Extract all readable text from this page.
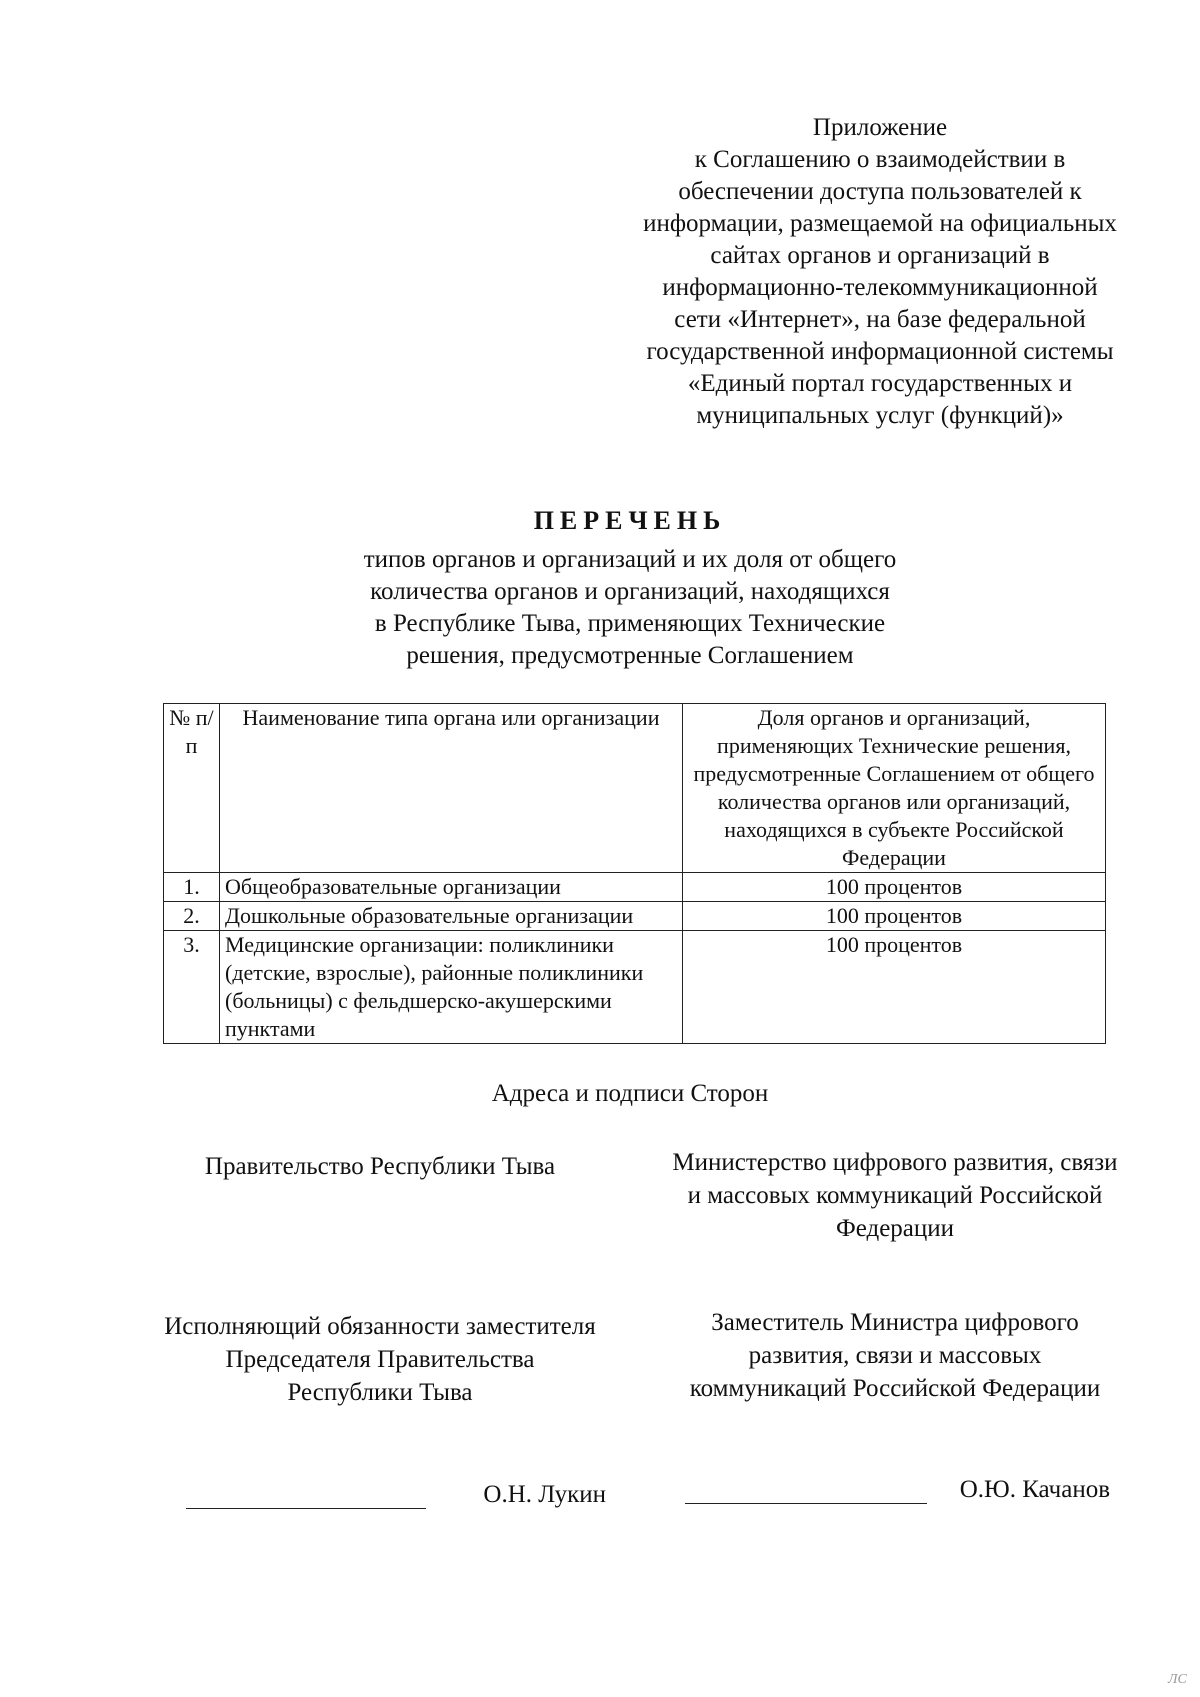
Приложение
к Соглашению о взаимодействии в
обеспечении доступа пользователей к
информации, размещаемой на официальных
сайтах органов и организаций в
информационно-телекоммуникационной
сети «Интернет», на базе федеральной
государственной информационной системы
«Единый портал государственных и
муниципальных услуг (функций)»
ПЕРЕЧЕНЬ
типов органов и организаций и их доля от общего
количества органов и организаций, находящихся
в Республике Тыва, применяющих Технические
решения, предусмотренные Соглашением
№ п/п	Наименование типа органа или организации	Доля органов и организаций, применяющих Технические решения, предусмотренные Соглашением от общего количества органов или организаций, находящихся в субъекте Российской Федерации
1.	Общеобразовательные организации	100 процентов
2.	Дошкольные образовательные организации	100 процентов
3.	Медицинские организации: поликлиники (детские, взрослые), районные поликлиники (больницы) с фельдшерско-акушерскими пунктами	100 процентов
Адреса и подписи Сторон
Правительство Республики Тыва	Министерство цифрового развития, связи и массовых коммуникаций Российской Федерации
Исполняющий обязанности заместителя Председателя Правительства Республики Тыва
Заместитель Министра цифрового развития, связи и массовых коммуникаций Российской Федерации
О.Н. Лукин	О.Ю. Качанов
ЛС
